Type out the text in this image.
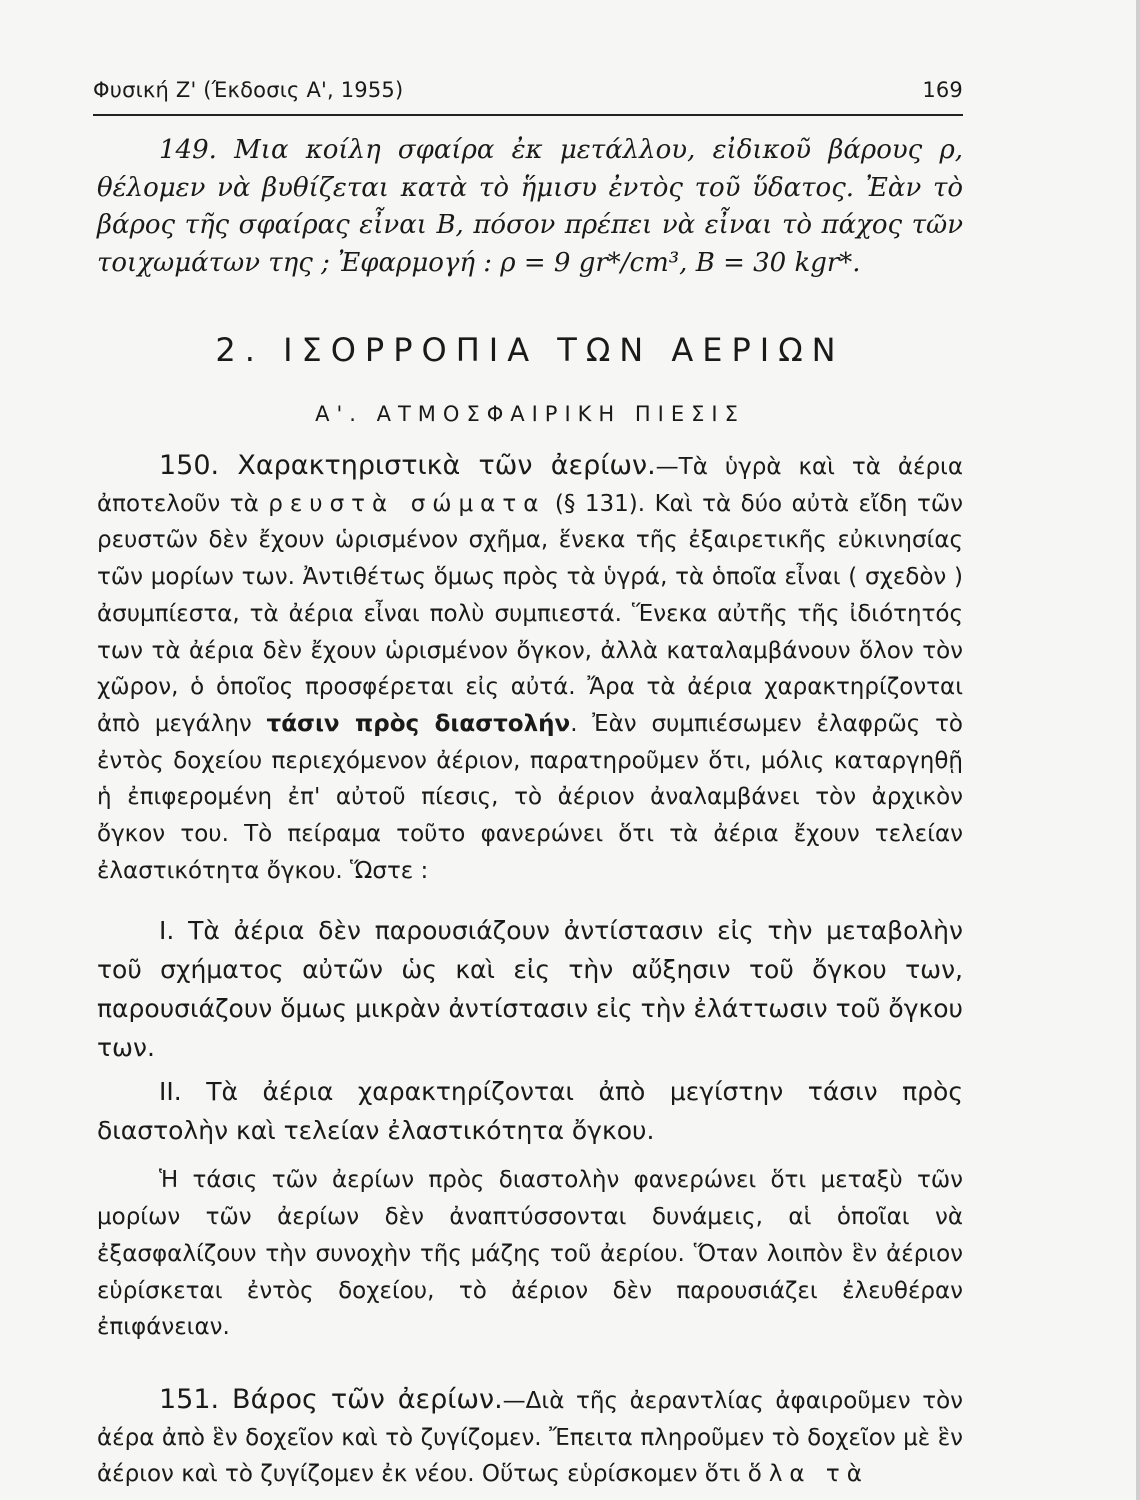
Φυσική Ζ' (Έκδοσις Α', 1955)	169

149. Μια κοίλη σφαίρα ἐκ μετάλλου, εἰδικοῦ βάρους ρ, θέλομεν νὰ βυθίζεται κατὰ τὸ ἥμισυ ἐντὸς τοῦ ὕδατος. Ἐὰν τὸ βάρος τῆς σφαίρας εἶναι Β, πόσον πρέπει νὰ εἶναι τὸ πάχος τῶν τοιχωμάτων της ; Ἐφαρμογή : ρ = 9 gr*/cm³, B = 30 kgr*.

2. ΙΣΟΡΡΟΠΙΑ ΤΩΝ ΑΕΡΙΩΝ
Α'. ΑΤΜΟΣΦΑΙΡΙΚΗ ΠΙΕΣΙΣ

150. Χαρακτηριστικὰ τῶν ἀερίων.—Τὰ ὑγρὰ καὶ τὰ ἀέρια ἀποτελοῦν τὰ ρευστὰ σώματα (§ 131). Καὶ τὰ δύο αὐτὰ εἴδη τῶν ρευστῶν δὲν ἔχουν ὡρισμένον σχῆμα, ἕνεκα τῆς ἐξαιρετικῆς εὐκινησίας τῶν μορίων των. Ἀντιθέτως ὅμως πρὸς τὰ ὑγρά, τὰ ὁποῖα εἶναι ( σχεδὸν ) ἀσυμπίεστα, τὰ ἀέρια εἶναι πολὺ συμπιεστά. Ἕνεκα αὐτῆς τῆς ἰδιότητός των τὰ ἀέρια δὲν ἔχουν ὡρισμένον ὄγκον, ἀλλὰ καταλαμβάνουν ὅλον τὸν χῶρον, ὁ ὁποῖος προσφέρεται εἰς αὐτά. Ἄρα τὰ ἀέρια χαρακτηρίζονται ἀπὸ μεγάλην τάσιν πρὸς διαστολήν. Ἐὰν συμπιέσωμεν ἐλαφρῶς τὸ ἐντὸς δοχείου περιεχόμενον ἀέριον, παρατηροῦμεν ὅτι, μόλις καταργηθῇ ἡ ἐπιφερομένη ἐπ' αὐτοῦ πίεσις, τὸ ἀέριον ἀναλαμβάνει τὸν ἀρχικὸν ὄγκον του. Τὸ πείραμα τοῦτο φανερώνει ὅτι τὰ ἀέρια ἔχουν τελείαν ἐλαστικότητα ὄγκου. Ὥστε :

I. Τὰ ἀέρια δὲν παρουσιάζουν ἀντίστασιν εἰς τὴν μεταβολὴν τοῦ σχήματος αὐτῶν ὡς καὶ εἰς τὴν αὔξησιν τοῦ ὄγκου των, παρουσιάζουν ὅμως μικρὰν ἀντίστασιν εἰς τὴν ἐλάττωσιν τοῦ ὄγκου των.

II. Τὰ ἀέρια χαρακτηρίζονται ἀπὸ μεγίστην τάσιν πρὸς διαστολὴν καὶ τελείαν ἐλαστικότητα ὄγκου.

Ἡ τάσις τῶν ἀερίων πρὸς διαστολὴν φανερώνει ὅτι μεταξὺ τῶν μορίων τῶν ἀερίων δὲν ἀναπτύσσονται δυνάμεις, αἱ ὁποῖαι νὰ ἐξασφαλίζουν τὴν συνοχὴν τῆς μάζης τοῦ ἀερίου. Ὅταν λοιπὸν ἓν ἀέριον εὑρίσκεται ἐντὸς δοχείου, τὸ ἀέριον δὲν παρουσιάζει ἐλευθέραν ἐπιφάνειαν.

151. Βάρος τῶν ἀερίων.—Διὰ τῆς ἀεραντλίας ἀφαιροῦμεν τὸν ἀέρα ἀπὸ ἓν δοχεῖον καὶ τὸ ζυγίζομεν. Ἔπειτα πληροῦμεν τὸ δοχεῖον μὲ ἓν ἀέριον καὶ τὸ ζυγίζομεν ἐκ νέου. Οὕτως εὑρίσκομεν ὅτι ὅλα τὰ
